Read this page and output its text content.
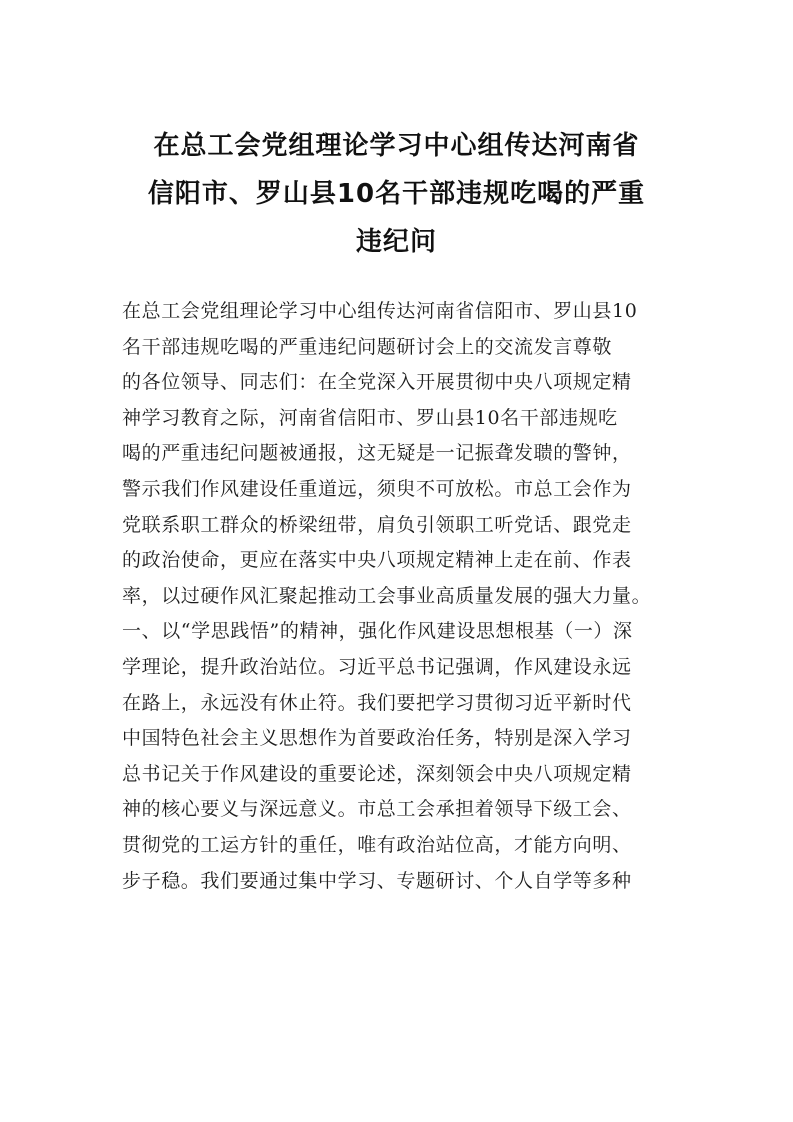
在总工会党组理论学习中心组传达河南省
信阳市、罗山县10名干部违规吃喝的严重
违纪问
在总工会党组理论学习中心组传达河南省信阳市、罗山县10
名干部违规吃喝的严重违纪问题研讨会上的交流发言尊敬
的各位领导、同志们：在全党深入开展贯彻中央八项规定精
神学习教育之际，河南省信阳市、罗山县10名干部违规吃
喝的严重违纪问题被通报，这无疑是一记振聋发聩的警钟，
警示我们作风建设任重道远，须臾不可放松。市总工会作为
党联系职工群众的桥梁纽带，肩负引领职工听党话、跟党走
的政治使命，更应在落实中央八项规定精神上走在前、作表
率，以过硬作风汇聚起推动工会事业高质量发展的强大力量。
一、以“学思践悟”的精神，强化作风建设思想根基（一）深
学理论，提升政治站位。习近平总书记强调，作风建设永远
在路上，永远没有休止符。我们要把学习贯彻习近平新时代
中国特色社会主义思想作为首要政治任务，特别是深入学习
总书记关于作风建设的重要论述，深刻领会中央八项规定精
神的核心要义与深远意义。市总工会承担着领导下级工会、
贯彻党的工运方针的重任，唯有政治站位高，才能方向明、
步子稳。我们要通过集中学习、专题研讨、个人自学等多种
